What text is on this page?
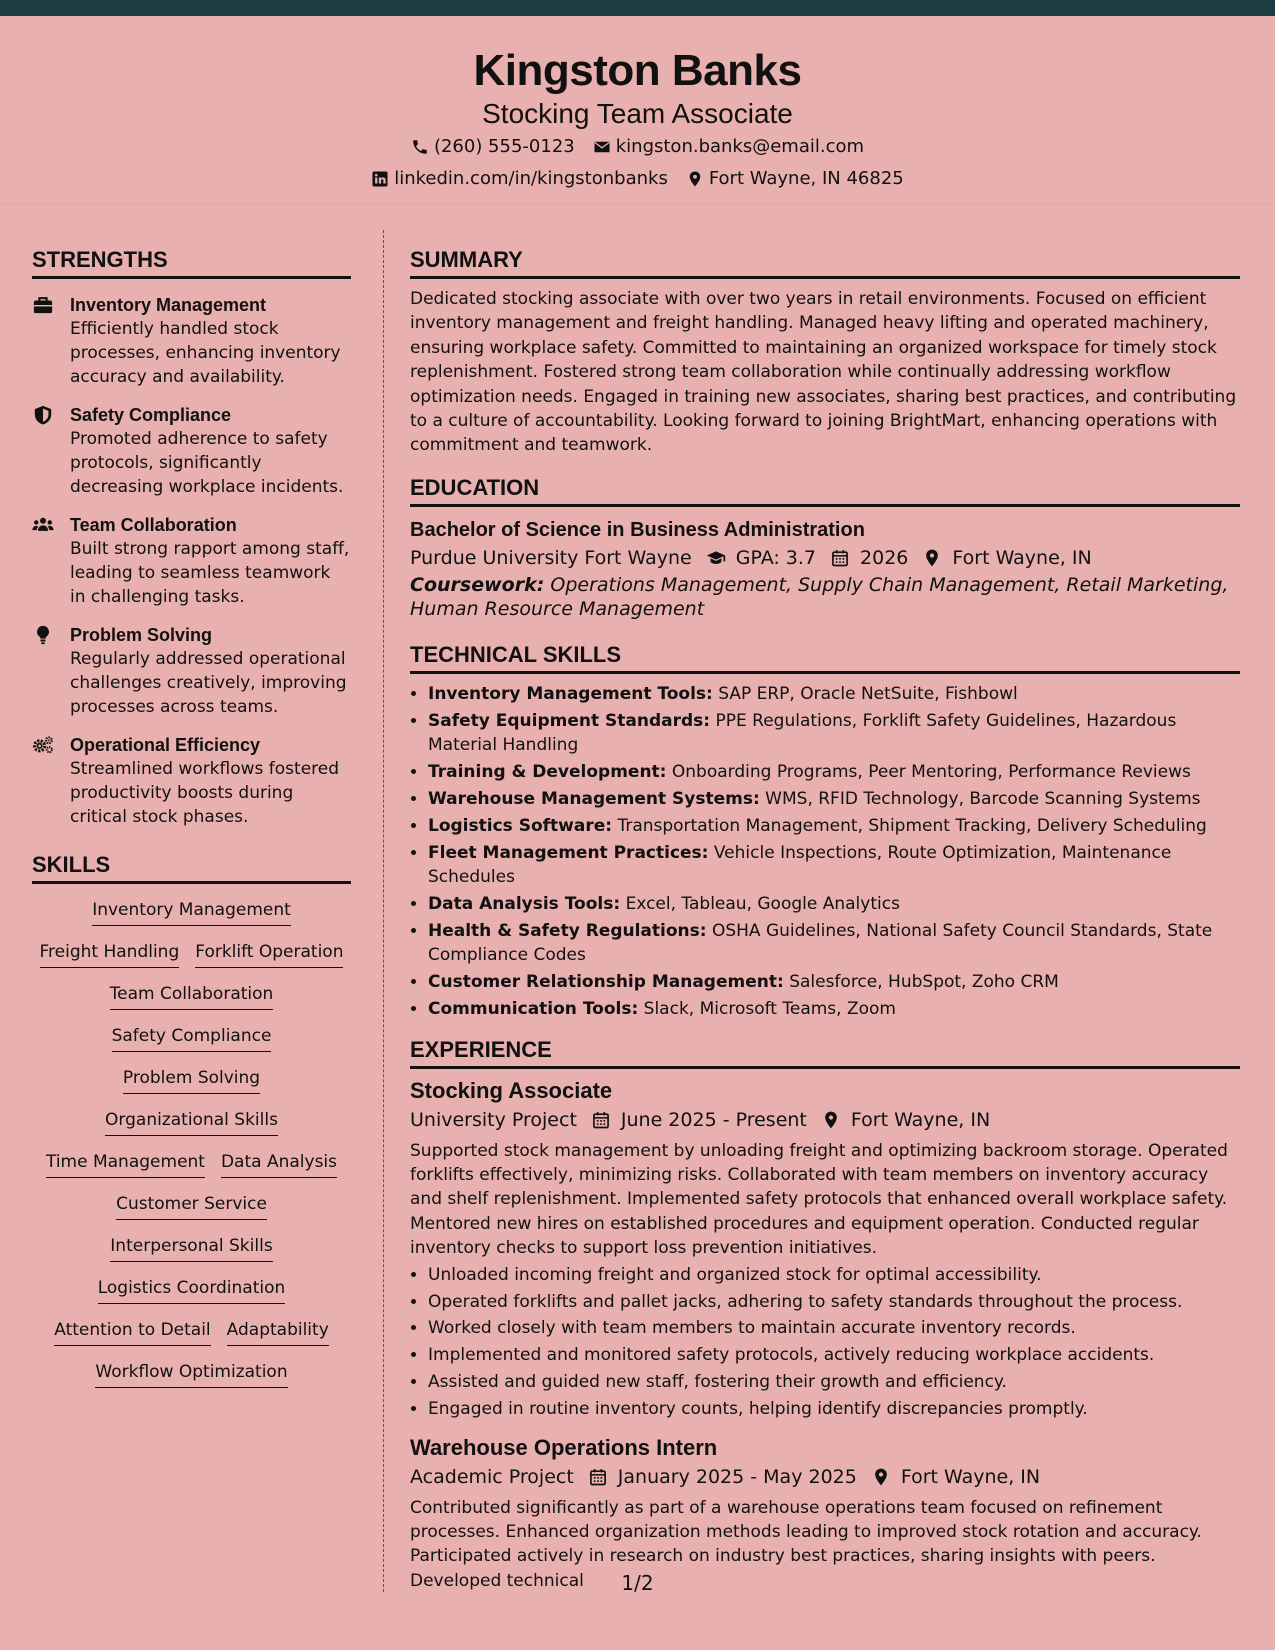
Kingston Banks
Stocking Team Associate
(260) 555-0123 kingston.banks@email.com
linkedin.com/in/kingstonbanks Fort Wayne, IN 46825
STRENGTHS
Inventory Management
Efficiently handled stock processes, enhancing inventory accuracy and availability.
Safety Compliance
Promoted adherence to safety protocols, significantly decreasing workplace incidents.
Team Collaboration
Built strong rapport among staff, leading to seamless teamwork in challenging tasks.
Problem Solving
Regularly addressed operational challenges creatively, improving processes across teams.
Operational Efficiency
Streamlined workflows fostered productivity boosts during critical stock phases.
SKILLS
Inventory Management
Freight Handling Forklift Operation
Team Collaboration
Safety Compliance
Problem Solving
Organizational Skills
Time Management Data Analysis
Customer Service
Interpersonal Skills
Logistics Coordination
Attention to Detail Adaptability
Workflow Optimization
SUMMARY

Dedicated stocking associate with over two years in retail environments. Focused on efficient inventory management and freight handling. Managed heavy lifting and operated machinery, ensuring workplace safety. Committed to maintaining an organized workspace for timely stock replenishment. Fostered strong team collaboration while continually addressing workflow optimization needs. Engaged in training new associates, sharing best practices, and contributing to a culture of accountability. Looking forward to joining BrightMart, enhancing operations with commitment and teamwork.

EDUCATION
Bachelor of Science in Business Administration
Purdue University Fort Wayne GPA: 3.7 2026 Fort Wayne, IN
Coursework: Operations Management, Supply Chain Management, Retail Marketing, Human Resource Management
TECHNICAL SKILLS
• Inventory Management Tools: SAP ERP, Oracle NetSuite, Fishbowl
• Safety Equipment Standards: PPE Regulations, Forklift Safety Guidelines, Hazardous Material Handling
• Training & Development: Onboarding Programs, Peer Mentoring, Performance Reviews
• Warehouse Management Systems: WMS, RFID Technology, Barcode Scanning Systems
• Logistics Software: Transportation Management, Shipment Tracking, Delivery Scheduling
• Fleet Management Practices: Vehicle Inspections, Route Optimization, Maintenance Schedules
• Data Analysis Tools: Excel, Tableau, Google Analytics
• Health & Safety Regulations: OSHA Guidelines, National Safety Council Standards, State Compliance Codes
• Customer Relationship Management: Salesforce, HubSpot, Zoho CRM
• Communication Tools: Slack, Microsoft Teams, Zoom
EXPERIENCE
Stocking Associate
University Project June 2025 - Present Fort Wayne, IN

Supported stock management by unloading freight and optimizing backroom storage. Operated forklifts effectively, minimizing risks. Collaborated with team members on inventory accuracy and shelf replenishment. Implemented safety protocols that enhanced overall workplace safety. Mentored new hires on established procedures and equipment operation. Conducted regular inventory checks to support loss prevention initiatives.

• Unloaded incoming freight and organized stock for optimal accessibility.
• Operated forklifts and pallet jacks, adhering to safety standards throughout the process.
• Worked closely with team members to maintain accurate inventory records.
• Implemented and monitored safety protocols, actively reducing workplace accidents.
• Assisted and guided new staff, fostering their growth and efficiency.
• Engaged in routine inventory counts, helping identify discrepancies promptly.
Warehouse Operations Intern
Academic Project January 2025 - May 2025 Fort Wayne, IN

Contributed significantly as part of a warehouse operations team focused on refinement processes. Enhanced organization methods leading to improved stock rotation and accuracy. Participated actively in research on industry best practices, sharing insights with peers. Developed technical	1/2
